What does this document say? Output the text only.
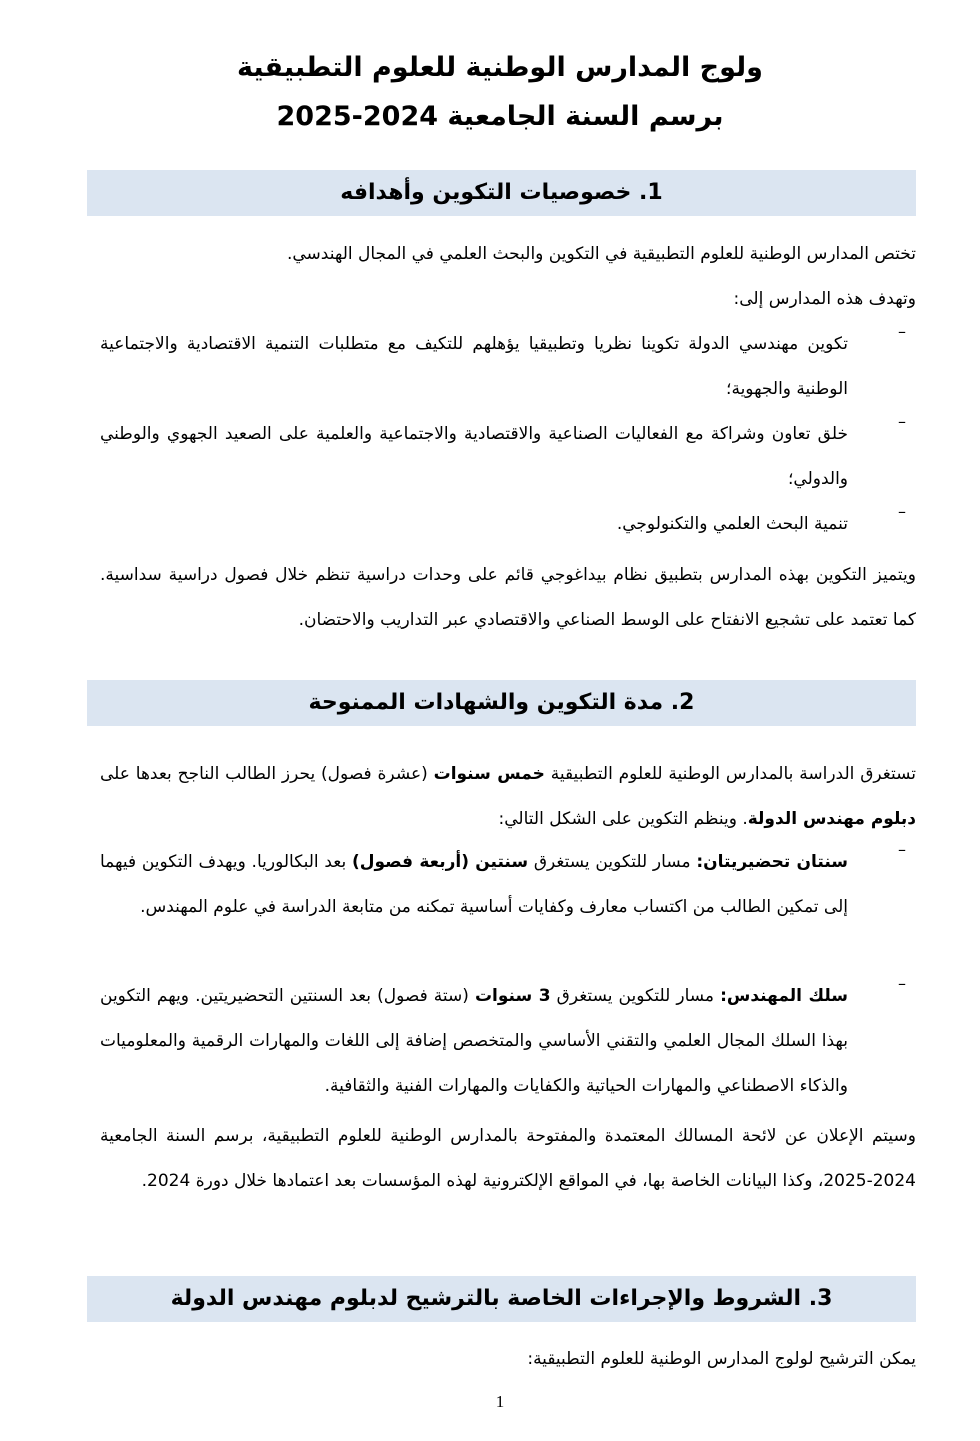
ولوج المدارس الوطنية للعلوم التطبيقية
برسم السنة الجامعية 2024-2025
1. خصوصيات التكوين وأهدافه

تختص المدارس الوطنية للعلوم التطبيقية في التكوين والبحث العلمي في المجال الهندسي.

وتهدف هذه المدارس إلى:

–

تكوين مهندسي الدولة تكوينا نظريا وتطبيقيا يؤهلهم للتكيف مع متطلبات التنمية الاقتصادية والاجتماعية الوطنية والجهوية؛

–

خلق تعاون وشراكة مع الفعاليات الصناعية والاقتصادية والاجتماعية والعلمية على الصعيد الجهوي والوطني والدولي؛

–

تنمية البحث العلمي والتكنولوجي.

ويتميز التكوين بهذه المدارس بتطبيق نظام بيداغوجي قائم على وحدات دراسية تنظم خلال فصول دراسية سداسية. كما تعتمد على تشجيع الانفتاح على الوسط الصناعي والاقتصادي عبر التداريب والاحتضان.

2. مدة التكوين والشهادات الممنوحة

تستغرق الدراسة بالمدارس الوطنية للعلوم التطبيقية خمس سنوات (عشرة فصول) يحرز الطالب الناجح بعدها على دبلوم مهندس الدولة. وينظم التكوين على الشكل التالي:

–

سنتان تحضيريتان: مسار للتكوين يستغرق سنتين (أربعة فصول) بعد البكالوريا. ويهدف التكوين فيهما إلى تمكين الطالب من اكتساب معارف وكفايات أساسية تمكنه من متابعة الدراسة في علوم المهندس.

–

سلك المهندس: مسار للتكوين يستغرق 3 سنوات (ستة فصول) بعد السنتين التحضيريتين. ويهم التكوين بهذا السلك المجال العلمي والتقني الأساسي والمتخصص إضافة إلى اللغات والمهارات الرقمية والمعلوميات والذكاء الاصطناعي والمهارات الحياتية والكفايات والمهارات الفنية والثقافية.

وسيتم الإعلان عن لائحة المسالك المعتمدة والمفتوحة بالمدارس الوطنية للعلوم التطبيقية، برسم السنة الجامعية 2024-2025، وكذا البيانات الخاصة بها، في المواقع الإلكترونية لهذه المؤسسات بعد اعتمادها خلال دورة 2024.

3. الشروط والإجراءات الخاصة بالترشيح لدبلوم مهندس الدولة

يمكن الترشيح لولوج المدارس الوطنية للعلوم التطبيقية:

1
